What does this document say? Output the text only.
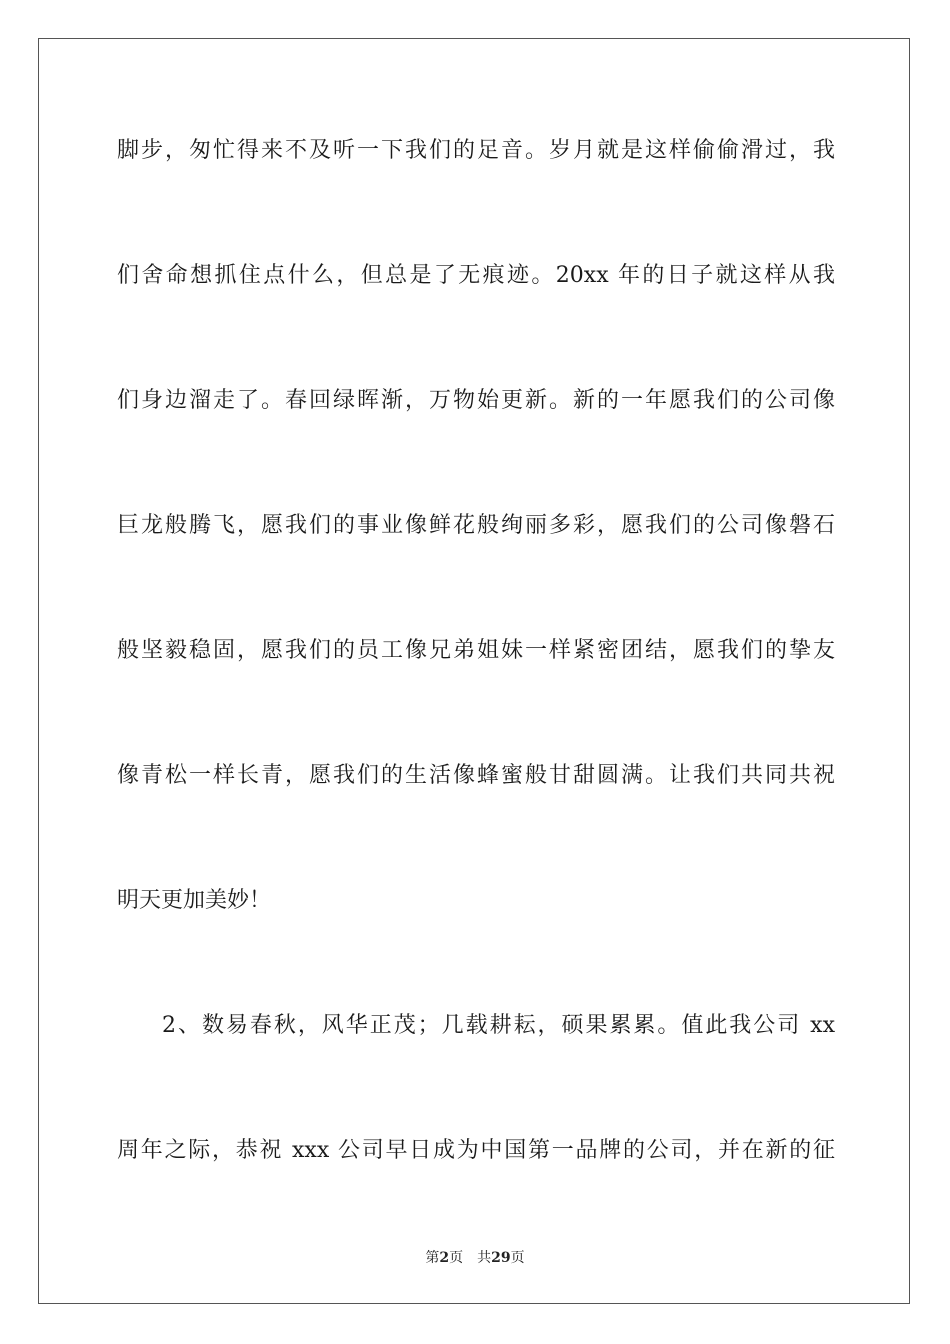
脚步，匆忙得来不及听一下我们的足音。岁月就是这样偷偷滑过，我
们舍命想抓住点什么，但总是了无痕迹。20xx 年的日子就这样从我
们身边溜走了。春回绿晖渐，万物始更新。新的一年愿我们的公司像
巨龙般腾飞，愿我们的事业像鲜花般绚丽多彩，愿我们的公司像磐石
般坚毅稳固，愿我们的员工像兄弟姐妹一样紧密团结，愿我们的挚友
像青松一样长青，愿我们的生活像蜂蜜般甘甜圆满。让我们共同共祝
明天更加美妙！
2、数易春秋，风华正茂；几载耕耘，硕果累累。值此我公司 xx
周年之际，恭祝 xxx 公司早日成为中国第一品牌的公司，并在新的征
第2页　共29页
